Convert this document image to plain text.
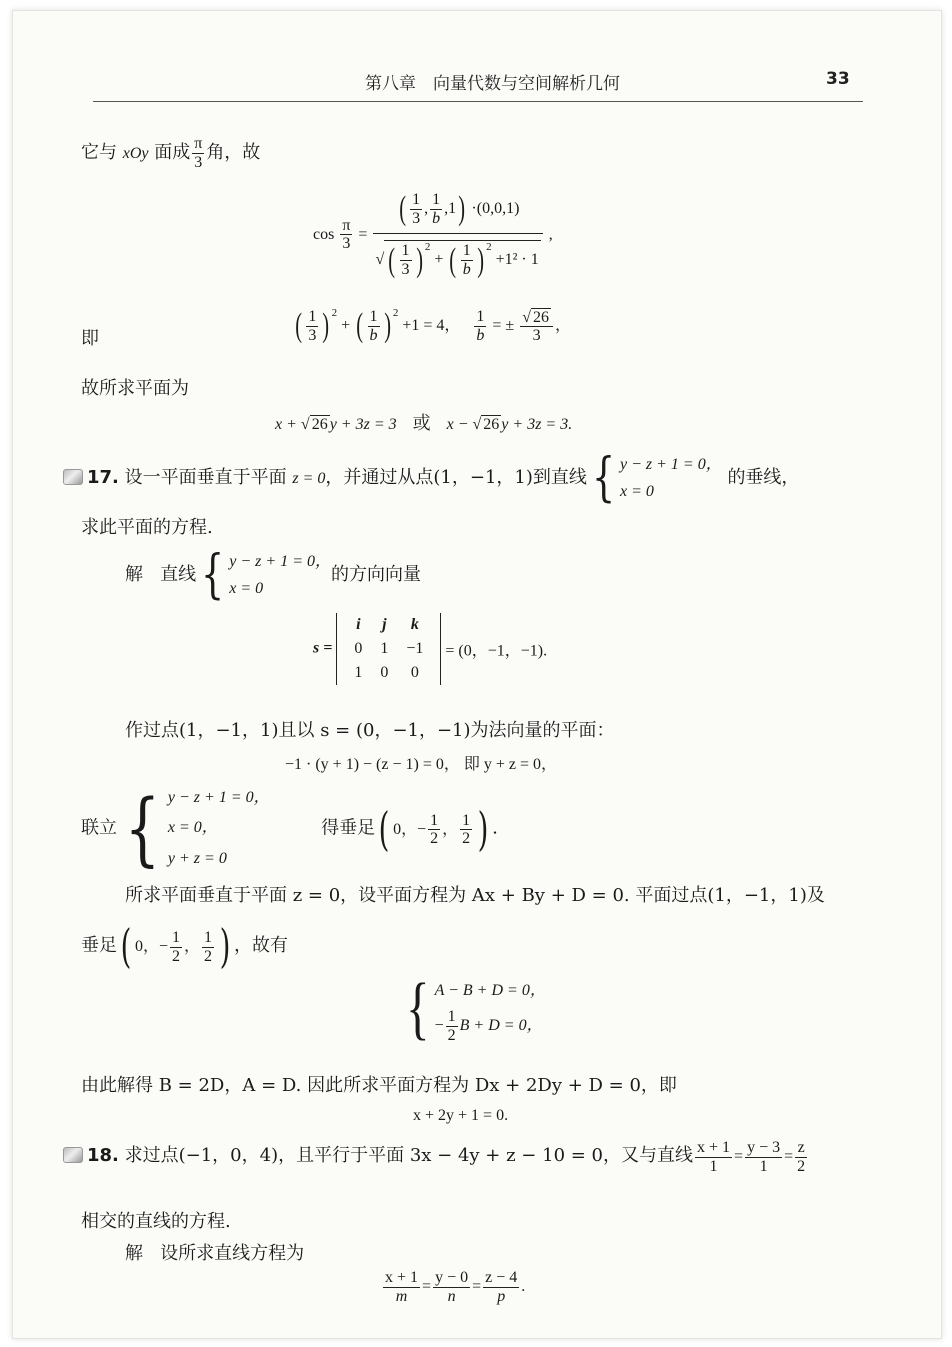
第八章 向量代数与空间解析几何	33
它与 xOy 面成 $\frac{\pi}{3}$ 角，故
$\cos \frac{\pi}{3} = \frac{( \frac{1}{3} , \frac{1}{b} ,1) \cdot(0,0,1)}{√ ( \frac{1}{3} ) ^2 + ( \frac{1}{b} ) ^2 +1^2 \cdot 1}$ ,
即	( $\frac{1}{3}$ ) $^2$ + ( $\frac{1}{b}$ ) $^2$ +1 = 4， $\frac{1}{b}$ = ± $\frac{√ 26}{3}$ ，
故所求平面为
x + √ 26 y + 3z = 3 或 x − √ 26 y + 3z = 3.
17. 设一平面垂直于平面 z = 0，并通过从点(1，−1，1)到直线{ y − z + 1 = 0，
x = 0 的垂线，
求此平面的方程.
解 直线{ y − z + 1 = 0，
x = 0的方向向量
s =
i	j	k
0	1	−1
1	0	0
= (0，−1，−1).
作过点(1，−1，1)且以 s = (0，−1，−1)为法向量的平面：
−1 · (y + 1) − (z − 1) = 0， 即 y + z = 0，
联立{ y − z + 1 = 0，
x = 0，
y + z = 0         得垂足( 0，− $\frac{1}{2}$ ， $\frac{1}{2}$ ) .
所求平面垂直于平面 z = 0，设平面方程为 Ax + By + D = 0. 平面过点(1，−1，1)及
垂足( 0，− $\frac{1}{2}$ ， $\frac{1}{2}$ ) ，故有
{ A − B + D = 0，
− $\frac{1}{2}$ B + D = 0，
由此解得 B = 2D，A = D. 因此所求平面方程为 Dx + 2Dy + D = 0，即
x + 2y + 1 = 0.
18. 求过点(−1，0，4)，且平行于平面 3x − 4y + z − 10 = 0，又与直线 $\frac{x + 1}{1} = \frac{y - 3}{1} = \frac{z}{2}$
相交的直线的方程.
解 设所求直线方程为
$\frac{x + 1}{m} = \frac{y - 0}{n} = \frac{z - 4}{p}$ .
